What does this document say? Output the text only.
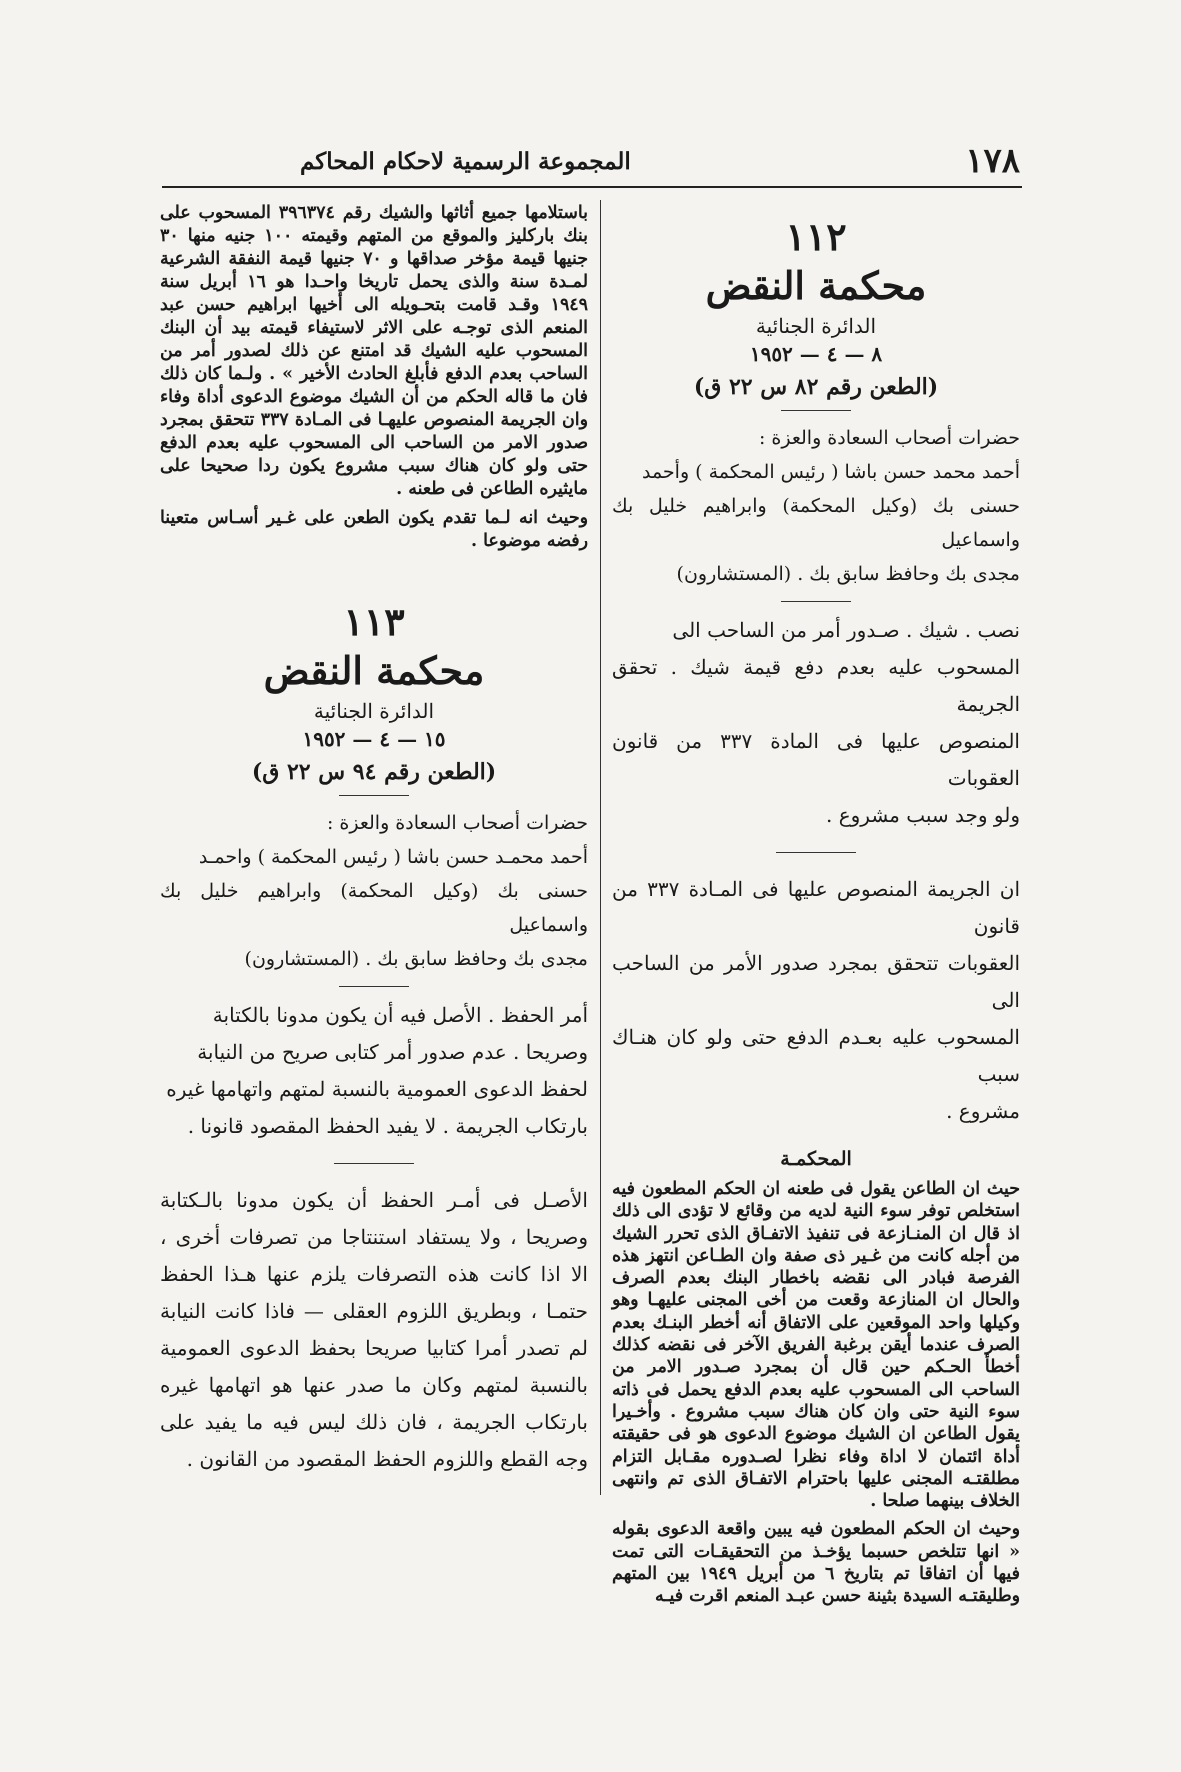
١٧٨
المجموعة الرسمية لاحكام المحاكم
١١٢
محكمة النقض
الدائرة الجنائية
٨ — ٤ — ١٩٥٢
(الطعن رقم ٨٢ س ٢٢ ق)

حضرات أصحاب السعادة والعزة :

أحمد محمد حسن باشا ( رئيس المحكمة ) وأحمد

حسنى بك (وكيل المحكمة) وابراهيم خليل بك واسماعيل

مجدى بك وحافظ سابق بك . (المستشارون)

نصب . شيك . صـدور أمر من الساحب الى

المسحوب عليه بعدم دفع قيمة شيك . تحقق الجريمة

المنصوص عليها فى المادة ٣٣٧ من قانون العقوبات

ولو وجد سبب مشروع .

ان الجريمة المنصوص عليها فى المـادة ٣٣٧ من قانون

العقوبات تتحقق بمجرد صدور الأمر من الساحب الى

المسحوب عليه بعـدم الدفع حتى ولو كان هنـاك سبب

مشروع .

المحكمـة

حيث ان الطاعن يقول فى طعنه ان الحكم المطعون فيه استخلص توفر سوء النية لديه من وقائع لا تؤدى الى ذلك اذ قال ان المنـازعة فى تنفيذ الاتفـاق الذى تحرر الشيك من أجله كانت من غـير ذى صفة وان الطـاعن انتهز هذه الفرصة فبادر الى نقضه باخطار البنك بعدم الصرف والحال ان المنازعة وقعت من أخى المجنى عليهـا وهو وكيلها واحد الموقعين على الاتفاق أنه أخطر البنـك بعدم الصرف عندما أيقن برغبة الفريق الآخر فى نقضه كذلك أخطأ الحـكم حين قال أن بمجرد صـدور الامر من الساحب الى المسحوب عليه بعدم الدفع يحمل فى ذاته سوء النية حتى وان كان هناك سبب مشروع . وأخـيرا يقول الطاعن ان الشيك موضوع الدعوى هو فى حقيقته أداة ائتمان لا اداة وفاء نظرا لصـدوره مقـابل التزام مطلقتـه المجنى عليها باحترام الاتفـاق الذى تم وانتهى الخلاف بينهما صلحا .

وحيث ان الحكم المطعون فيه يبين واقعة الدعوى بقوله « انها تتلخص حسبما يؤخـذ من التحقيقـات التى تمت فيها أن اتفاقا تم بتاريخ ٦ من أبريل ١٩٤٩ بين المتهم وطليقتـه السيدة بثينة حسن عبـد المنعم اقرت فيـه

باستلامها جميع أثاثها والشيك رقم ٣٩٦٣٧٤ المسحوب على بنك باركليز والموقع من المتهم وقيمته ١٠٠ جنيه منها ٣٠ جنيها قيمة مؤخر صداقها و ٧٠ جنيها قيمة النفقة الشرعية لمـدة سنة والذى يحمل تاريخا واحـدا هو ١٦ أبريل سنة ١٩٤٩ وقـد قامت بتحـويله الى أخيها ابراهيم حسن عبد المنعم الذى توجـه على الاثر لاستيفاء قيمته بيد أن البنك المسحوب عليه الشيك قد امتنع عن ذلك لصدور أمر من الساحب بعدم الدفع فأبلغ الحادث الأخير » . ولـما كان ذلك فان ما قاله الحكم من أن الشيك موضوع الدعوى أداة وفاء وان الجريمة المنصوص عليهـا فى المـادة ٣٣٧ تتحقق بمجرد صدور الامر من الساحب الى المسحوب عليه بعدم الدفع حتى ولو كان هناك سبب مشروع يكون ردا صحيحا على مايثيره الطاعن فى طعنه .

وحيث انه لـما تقدم يكون الطعن على غـير أسـاس متعينا رفضه موضوعا .

١١٣
محكمة النقض
الدائرة الجنائية
١٥ — ٤ — ١٩٥٢
(الطعن رقم ٩٤ س ٢٢ ق)

حضرات أصحاب السعادة والعزة :

أحمد محمـد حسن باشا ( رئيس المحكمة ) واحمـد

حسنى بك (وكيل المحكمة) وابراهيم خليل بك واسماعيل

مجدى بك وحافظ سابق بك . (المستشارون)

أمر الحفظ . الأصل فيه أن يكون مدونا بالكتابة

وصريحا . عدم صدور أمر كتابى صريح من النيابة

لحفظ الدعوى العمومية بالنسبة لمتهم واتهامها غيره

بارتكاب الجريمة . لا يفيد الحفظ المقصود قانونا .

الأصـل فى أمـر الحفظ أن يكون مدونا بالـكتابة وصريحا ، ولا يستفاد استنتاجا من تصرفات أخرى ، الا اذا كانت هذه التصرفات يلزم عنها هـذا الحفظ حتمـا ، وبطريق اللزوم العقلى — فاذا كانت النيابة لم تصدر أمرا كتابيا صريحا بحفظ الدعوى العمومية بالنسبة لمتهم وكان ما صدر عنها هو اتهامها غيره بارتكاب الجريمة ، فان ذلك ليس فيه ما يفيد على وجه القطع واللزوم الحفظ المقصود من القانون .
